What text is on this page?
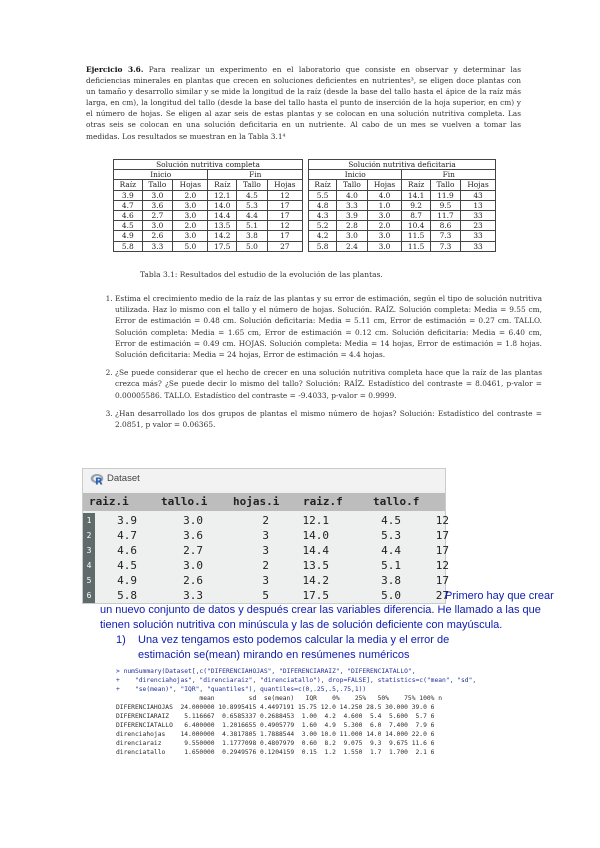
Ejercicio 3.6. Para realizar un experimento en el laboratorio que consiste en observar y determinar las deficiencias minerales en plantas que crecen en soluciones deficientes en nutrientes³, se eligen doce plantas con un tamaño y desarrollo similar y se mide la longitud de la raíz (desde la base del tallo hasta el ápice de la raíz más larga, en cm), la longitud del tallo (desde la base del tallo hasta el punto de inserción de la hoja superior, en cm) y el número de hojas. Se eligen al azar seis de estas plantas y se colocan en una solución nutritiva completa. Las otras seis se colocan en una solución deficitaria en un nutriente. Al cabo de un mes se vuelven a tomar las medidas. Los resultados se muestran en la Tabla 3.1⁴
Solución nutritiva completa					
Inicio			Fin		
Raíz	Tallo	Hojas	Raíz	Tallo	Hojas
3.9	3.0	2.0	12.1	4.5	12
4.7	3.6	3.0	14.0	5.3	17
4.6	2.7	3.0	14.4	4.4	17
4.5	3.0	2.0	13.5	5.1	12
4.9	2.6	3.0	14.2	3.8	17
5.8	3.3	5.0	17.5	5.0	27
Solución nutritiva deficitaria					
Inicio			Fin		
Raíz	Tallo	Hojas	Raíz	Tallo	Hojas
5.5	4.0	4.0	14.1	11.9	43
4.8	3.3	1.0	9.2	9.5	13
4.3	3.9	3.0	8.7	11.7	33
5.2	2.8	2.0	10.4	8.6	23
4.2	3.0	3.0	11.5	7.3	33
5.8	2.4	3.0	11.5	7.3	33
Tabla 3.1: Resultados del estudio de la evolución de las plantas.
1. Estima el crecimiento medio de la raíz de las plantas y su error de estimación, según el tipo de solución nutritiva utilizada. Haz lo mismo con el tallo y el número de hojas. Solución. RAÍZ. Solución completa: Media = 9.55 cm, Error de estimación = 0.48 cm. Solución deficitaria: Media = 5.11 cm, Error de estimación = 0.27 cm. TALLO. Solución completa: Media = 1.65 cm, Error de estimación = 0.12 cm. Solución deficitaria: Media = 6.40 cm, Error de estimación = 0.49 cm. HOJAS. Solución completa: Media = 14 hojas, Error de estimación = 1.8 hojas. Solución deficitaria: Media = 24 hojas, Error de estimación = 4.4 hojas.
2. ¿Se puede considerar que el hecho de crecer en una solución nutritiva completa hace que la raíz de las plantas crezca más? ¿Se puede decir lo mismo del tallo? Solución: RAÍZ. Estadístico del contraste = 8.0461, p-valor = 0.00005586. TALLO. Estadístico del contraste = -9.4033, p-valor = 0.9999.
3. ¿Han desarrollado los dos grupos de plantas el mismo número de hojas? Solución: Estadístico del contraste = 2.0851, p valor = 0.06365.
R Dataset
raiz.i	tallo.i hojas.i raiz.f	tallo.f
1	3.9	3.0	2	12.1	4.5	12
2	4.7	3.6	3	14.0	5.3	17
3	4.6	2.7	3	14.4	4.4	17
4	4.5	3.0	2	13.5	5.1	12
5	4.9	2.6	3	14.2	3.8	17
6	5.8	3.3	5	17.5	5.0	27
Primero hay que crear
un nuevo conjunto de datos y después crear las variables diferencia. He llamado a las que
tienen solución nutritiva con minúscula y las de solución deficiente con mayúscula.
1) Una vez tengamos esto podemos calcular la media y el error de estimación se(mean) mirando en resúmenes numéricos
> numSummary(Dataset[,c("DIFERENCIAHOJAS", "DIFERENCIARAIZ", "DIFERENCIATALLO",
+    "direnciahojas", "direnciaraiz", "direnciatallo"), drop=FALSE], statistics=c("mean", "sd",
+    "se(mean)", "IQR", "quantiles"), quantiles=c(0,.25,.5,.75,1))
mean         sd  se(mean)   IQR    0%    25%   50%    75% 100% n
DIFERENCIAHOJAS  24.000000 10.8995415 4.4497191 15.75 12.0 14.250 28.5 30.000 39.0 6
DIFERENCIARAIZ    5.116667  0.6585337 0.2688453  1.00  4.2  4.600  5.4  5.600  5.7 6
DIFERENCIATALLO   6.400000  1.2016655 0.4905779  1.60  4.9  5.300  6.0  7.400  7.9 6
direnciahojas    14.000000  4.3817805 1.7888544  3.00 10.0 11.000 14.0 14.000 22.0 6
direnciaraiz      9.550000  1.1777098 0.4807979  0.60  8.2  9.075  9.3  9.675 11.6 6
direnciatallo     1.650000  0.2949576 0.1204159  0.15  1.2  1.550  1.7  1.700  2.1 6
